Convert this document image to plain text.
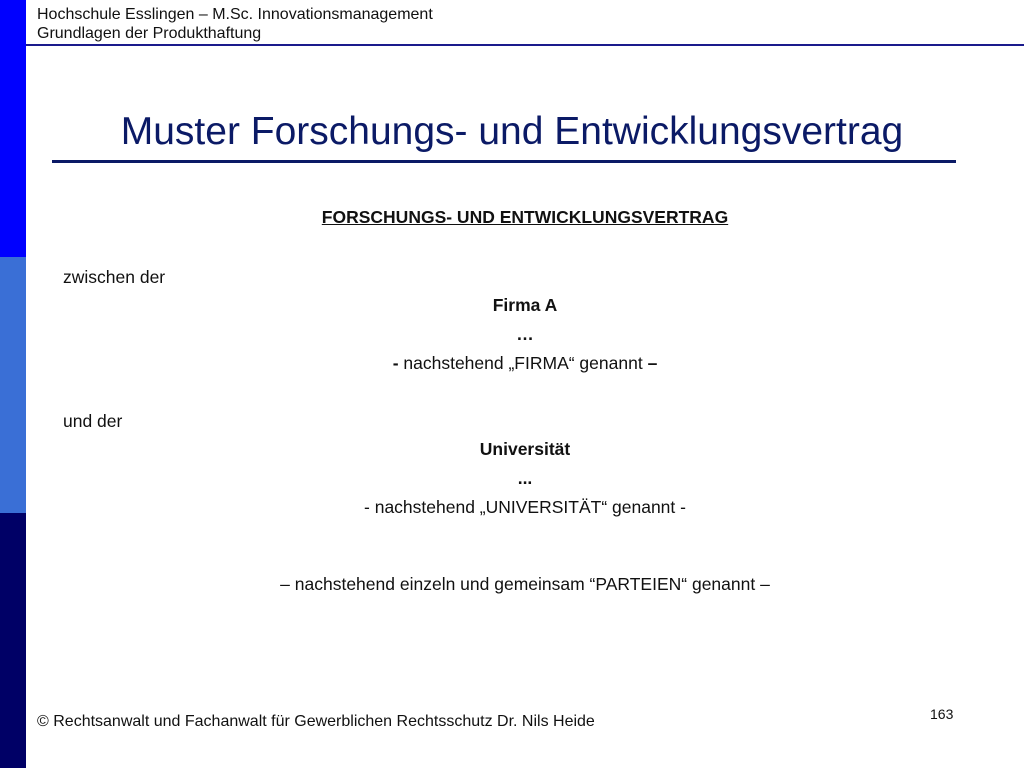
Hochschule Esslingen – M.Sc. Innovationsmanagement
Grundlagen der Produkthaftung
Muster Forschungs- und Entwicklungsvertrag
FORSCHUNGS- UND ENTWICKLUNGSVERTRAG
zwischen der
Firma A
…
- nachstehend „FIRMA“ genannt –
und der
Universität
...
- nachstehend „UNIVERSITÄT“ genannt -
– nachstehend einzeln und gemeinsam “PARTEIEN“ genannt –
© Rechtsanwalt und Fachanwalt für Gewerblichen Rechtsschutz Dr. Nils Heide	163
